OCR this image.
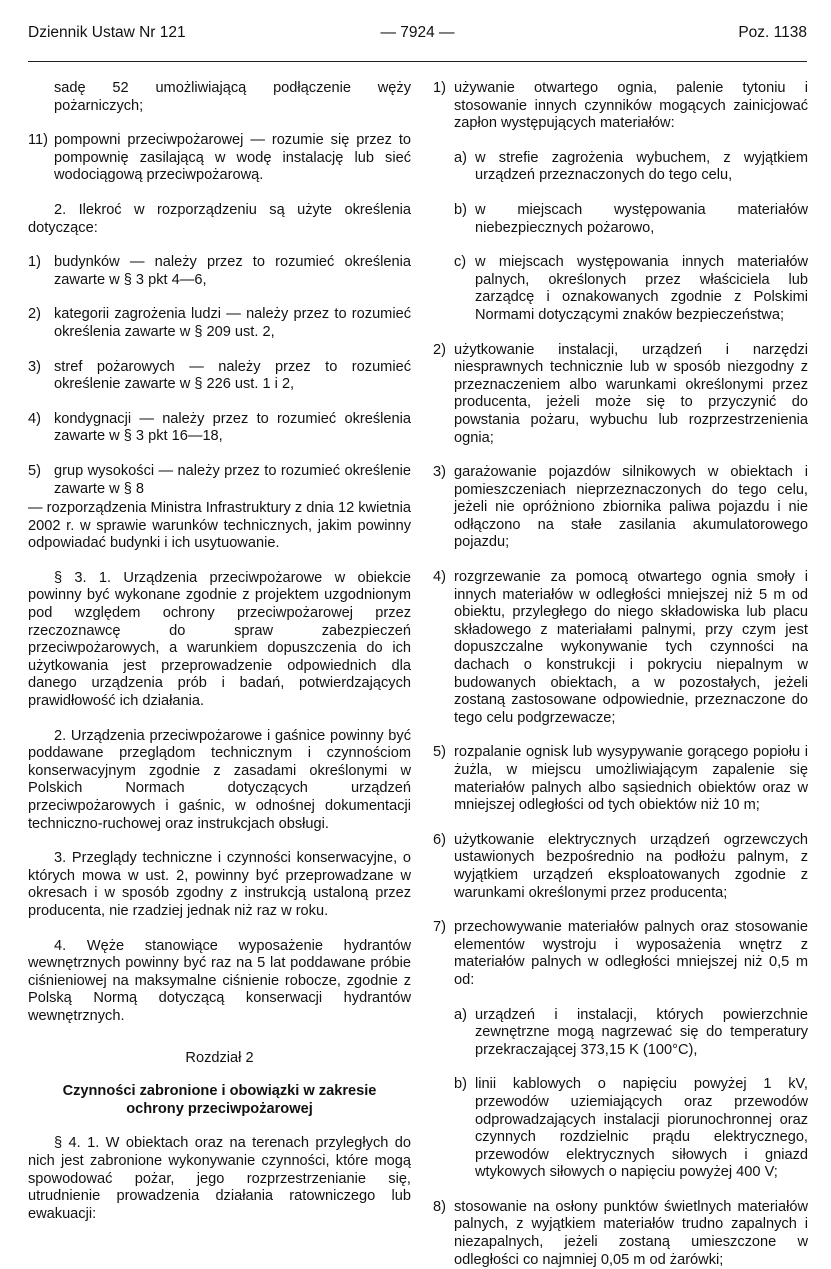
Dziennik Ustaw Nr 121	— 7924 —	Poz. 1138

sadę 52 umożliwiającą podłączenie węży pożarniczych;

11) pompowni przeciwpożarowej — rozumie się przez to pompownię zasilającą w wodę instalację lub sieć wodociągową przeciwpożarową.

2. Ilekroć w rozporządzeniu są użyte określenia dotyczące:

1) budynków — należy przez to rozumieć określenia zawarte w § 3 pkt 4—6,
2) kategorii zagrożenia ludzi — należy przez to rozumieć określenia zawarte w § 209 ust. 2,
3) stref pożarowych — należy przez to rozumieć określenie zawarte w § 226 ust. 1 i 2,
4) kondygnacji — należy przez to rozumieć określenia zawarte w § 3 pkt 16—18,
5) grup wysokości — należy przez to rozumieć określenie zawarte w § 8

— rozporządzenia Ministra Infrastruktury z dnia 12 kwietnia 2002 r. w sprawie warunków technicznych, jakim powinny odpowiadać budynki i ich usytuowanie.

§ 3. 1. Urządzenia przeciwpożarowe w obiekcie powinny być wykonane zgodnie z projektem uzgodnionym pod względem ochrony przeciwpożarowej przez rzeczoznawcę do spraw zabezpieczeń przeciwpożarowych, a warunkiem dopuszczenia do ich użytkowania jest przeprowadzenie odpowiednich dla danego urządzenia prób i badań, potwierdzających prawidłowość ich działania.

2. Urządzenia przeciwpożarowe i gaśnice powinny być poddawane przeglądom technicznym i czynnościom konserwacyjnym zgodnie z zasadami określonymi w Polskich Normach dotyczących urządzeń przeciwpożarowych i gaśnic, w odnośnej dokumentacji techniczno-ruchowej oraz instrukcjach obsługi.

3. Przeglądy techniczne i czynności konserwacyjne, o których mowa w ust. 2, powinny być przeprowadzane w okresach i w sposób zgodny z instrukcją ustaloną przez producenta, nie rzadziej jednak niż raz w roku.

4. Węże stanowiące wyposażenie hydrantów wewnętrznych powinny być raz na 5 lat poddawane próbie ciśnieniowej na maksymalne ciśnienie robocze, zgodnie z Polską Normą dotyczącą konserwacji hydrantów wewnętrznych.

Rozdział 2

Czynności zabronione i obowiązki w zakresie ochrony przeciwpożarowej

§ 4. 1. W obiektach oraz na terenach przyległych do nich jest zabronione wykonywanie czynności, które mogą spowodować pożar, jego rozprzestrzenianie się, utrudnienie prowadzenia działania ratowniczego lub ewakuacji:

1) używanie otwartego ognia, palenie tytoniu i stosowanie innych czynników mogących zainicjować zapłon występujących materiałów:
a) w strefie zagrożenia wybuchem, z wyjątkiem urządzeń przeznaczonych do tego celu,
b) w miejscach występowania materiałów niebezpiecznych pożarowo,
c) w miejscach występowania innych materiałów palnych, określonych przez właściciela lub zarządcę i oznakowanych zgodnie z Polskimi Normami dotyczącymi znaków bezpieczeństwa;
2) użytkowanie instalacji, urządzeń i narzędzi niesprawnych technicznie lub w sposób niezgodny z przeznaczeniem albo warunkami określonymi przez producenta, jeżeli może się to przyczynić do powstania pożaru, wybuchu lub rozprzestrzenienia ognia;
3) garażowanie pojazdów silnikowych w obiektach i pomieszczeniach nieprzeznaczonych do tego celu, jeżeli nie opróżniono zbiornika paliwa pojazdu i nie odłączono na stałe zasilania akumulatorowego pojazdu;
4) rozgrzewanie za pomocą otwartego ognia smoły i innych materiałów w odległości mniejszej niż 5 m od obiektu, przyległego do niego składowiska lub placu składowego z materiałami palnymi, przy czym jest dopuszczalne wykonywanie tych czynności na dachach o konstrukcji i pokryciu niepalnym w budowanych obiektach, a w pozostałych, jeżeli zostaną zastosowane odpowiednie, przeznaczone do tego celu podgrzewacze;
5) rozpalanie ognisk lub wysypywanie gorącego popiołu i żużla, w miejscu umożliwiającym zapalenie się materiałów palnych albo sąsiednich obiektów oraz w mniejszej odległości od tych obiektów niż 10 m;
6) użytkowanie elektrycznych urządzeń ogrzewczych ustawionych bezpośrednio na podłożu palnym, z wyjątkiem urządzeń eksploatowanych zgodnie z warunkami określonymi przez producenta;
7) przechowywanie materiałów palnych oraz stosowanie elementów wystroju i wyposażenia wnętrz z materiałów palnych w odległości mniejszej niż 0,5 m od:
a) urządzeń i instalacji, których powierzchnie zewnętrzne mogą nagrzewać się do temperatury przekraczającej 373,15 K (100°C),
b) linii kablowych o napięciu powyżej 1 kV, przewodów uziemiających oraz przewodów odprowadzających instalacji piorunochronnej oraz czynnych rozdzielnic prądu elektrycznego, przewodów elektrycznych siłowych i gniazd wtykowych siłowych o napięciu powyżej 400 V;
8) stosowanie na osłony punktów świetlnych materiałów palnych, z wyjątkiem materiałów trudno zapalnych i niezapalnych, jeżeli zostaną umieszczone w odległości co najmniej 0,05 m od żarówki;
